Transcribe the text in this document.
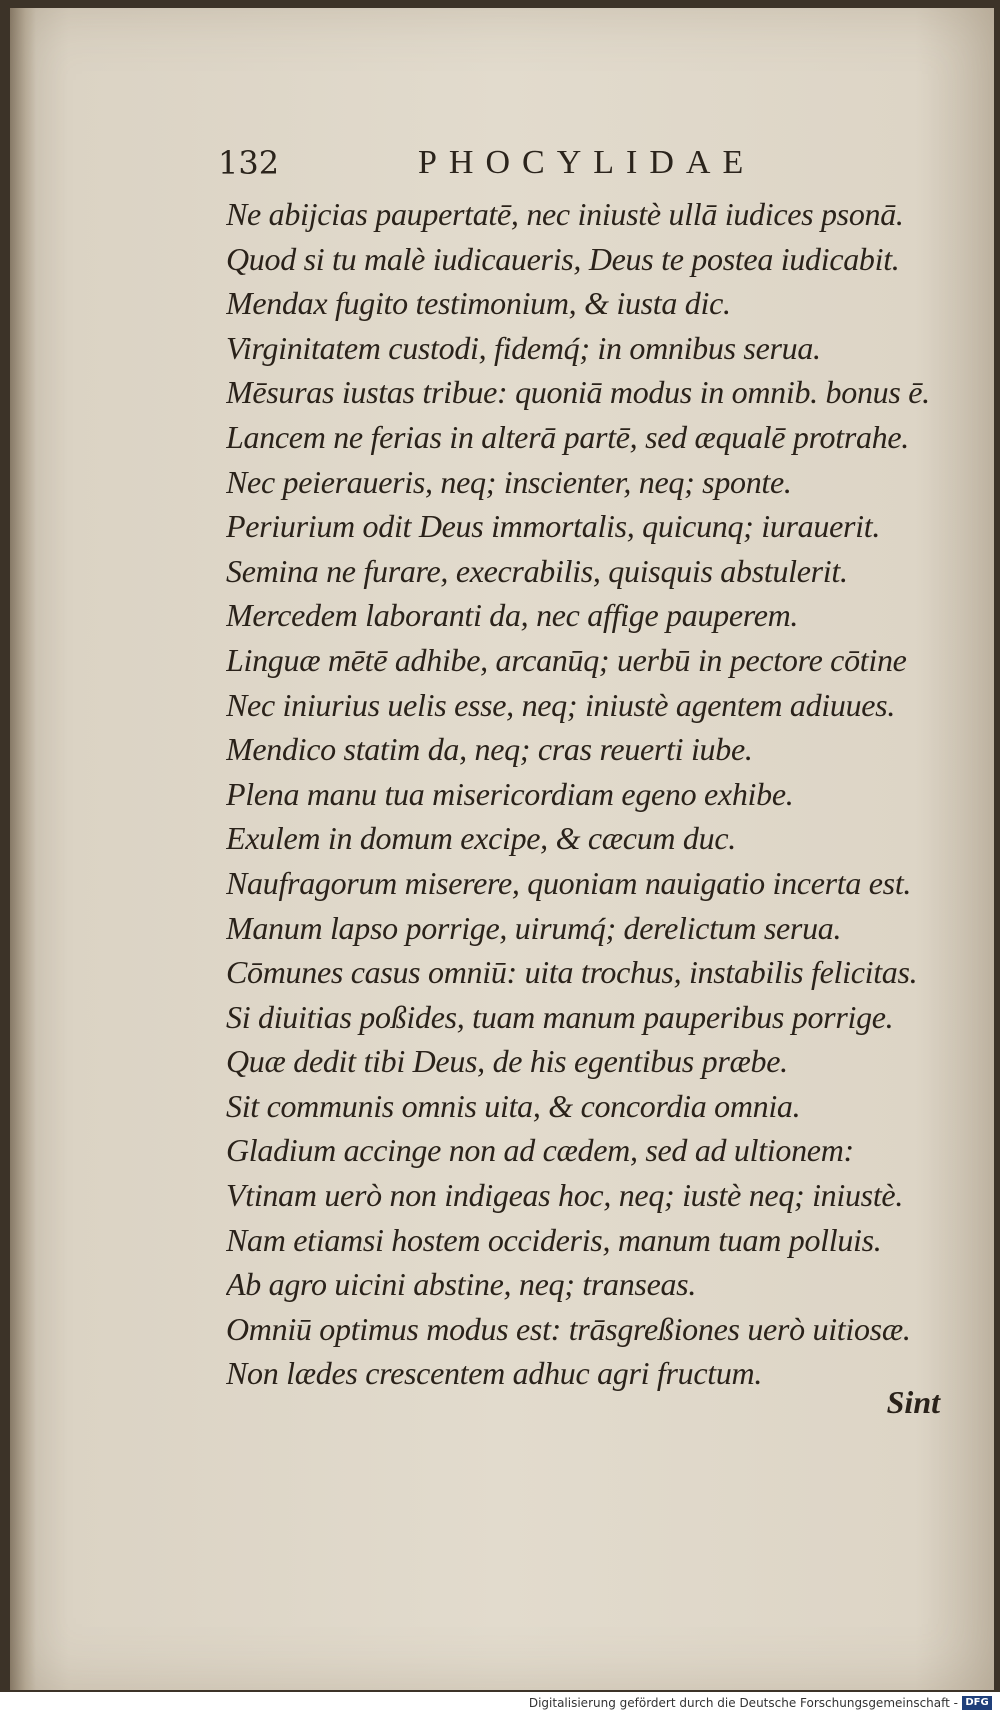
132	PHOCYLIDAE
Ne abijcias paupertatē, nec iniustè ullā iudices psonā.
Quod si tu malè iudicaueris, Deus te postea iudicabit.
Mendax fugito testimonium, & iusta dic.
Virginitatem custodi, fidemq́; in omnibus serua.
Mēsuras iustas tribue: quoniā modus in omnib. bonus ē.
Lancem ne ferias in alterā partē, sed æqualē protrahe.
Nec peieraueris, neq; inscienter, neq; sponte.
Periurium odit Deus immortalis, quicunq; iurauerit.
Semina ne furare, execrabilis, quisquis abstulerit.
Mercedem laboranti da, nec affige pauperem.
Linguæ mētē adhibe, arcanūq; uerbū in pectore cōtine
Nec iniurius uelis esse, neq; iniustè agentem adiuues.
Mendico statim da, neq; cras reuerti iube.
Plena manu tua misericordiam egeno exhibe.
Exulem in domum excipe, & cæcum duc.
Naufragorum miserere, quoniam nauigatio incerta est.
Manum lapso porrige, uirumq́; derelictum serua.
Cōmunes casus omniū: uita trochus, instabilis felicitas.
Si diuitias poßides, tuam manum pauperibus porrige.
Quæ dedit tibi Deus, de his egentibus præbe.
Sit communis omnis uita, & concordia omnia.
Gladium accinge non ad cædem, sed ad ultionem:
Vtinam uerò non indigeas hoc, neq; iustè neq; iniustè.
Nam etiamsi hostem occideris, manum tuam polluis.
Ab agro uicini abstine, neq; transeas.
Omniū optimus modus est: trāsgreßiones uerò uitiosæ.
Non lædes crescentem adhuc agri fructum.
Sint
Digitalisierung gefördert durch die Deutsche Forschungsgemeinschaft - DFG
